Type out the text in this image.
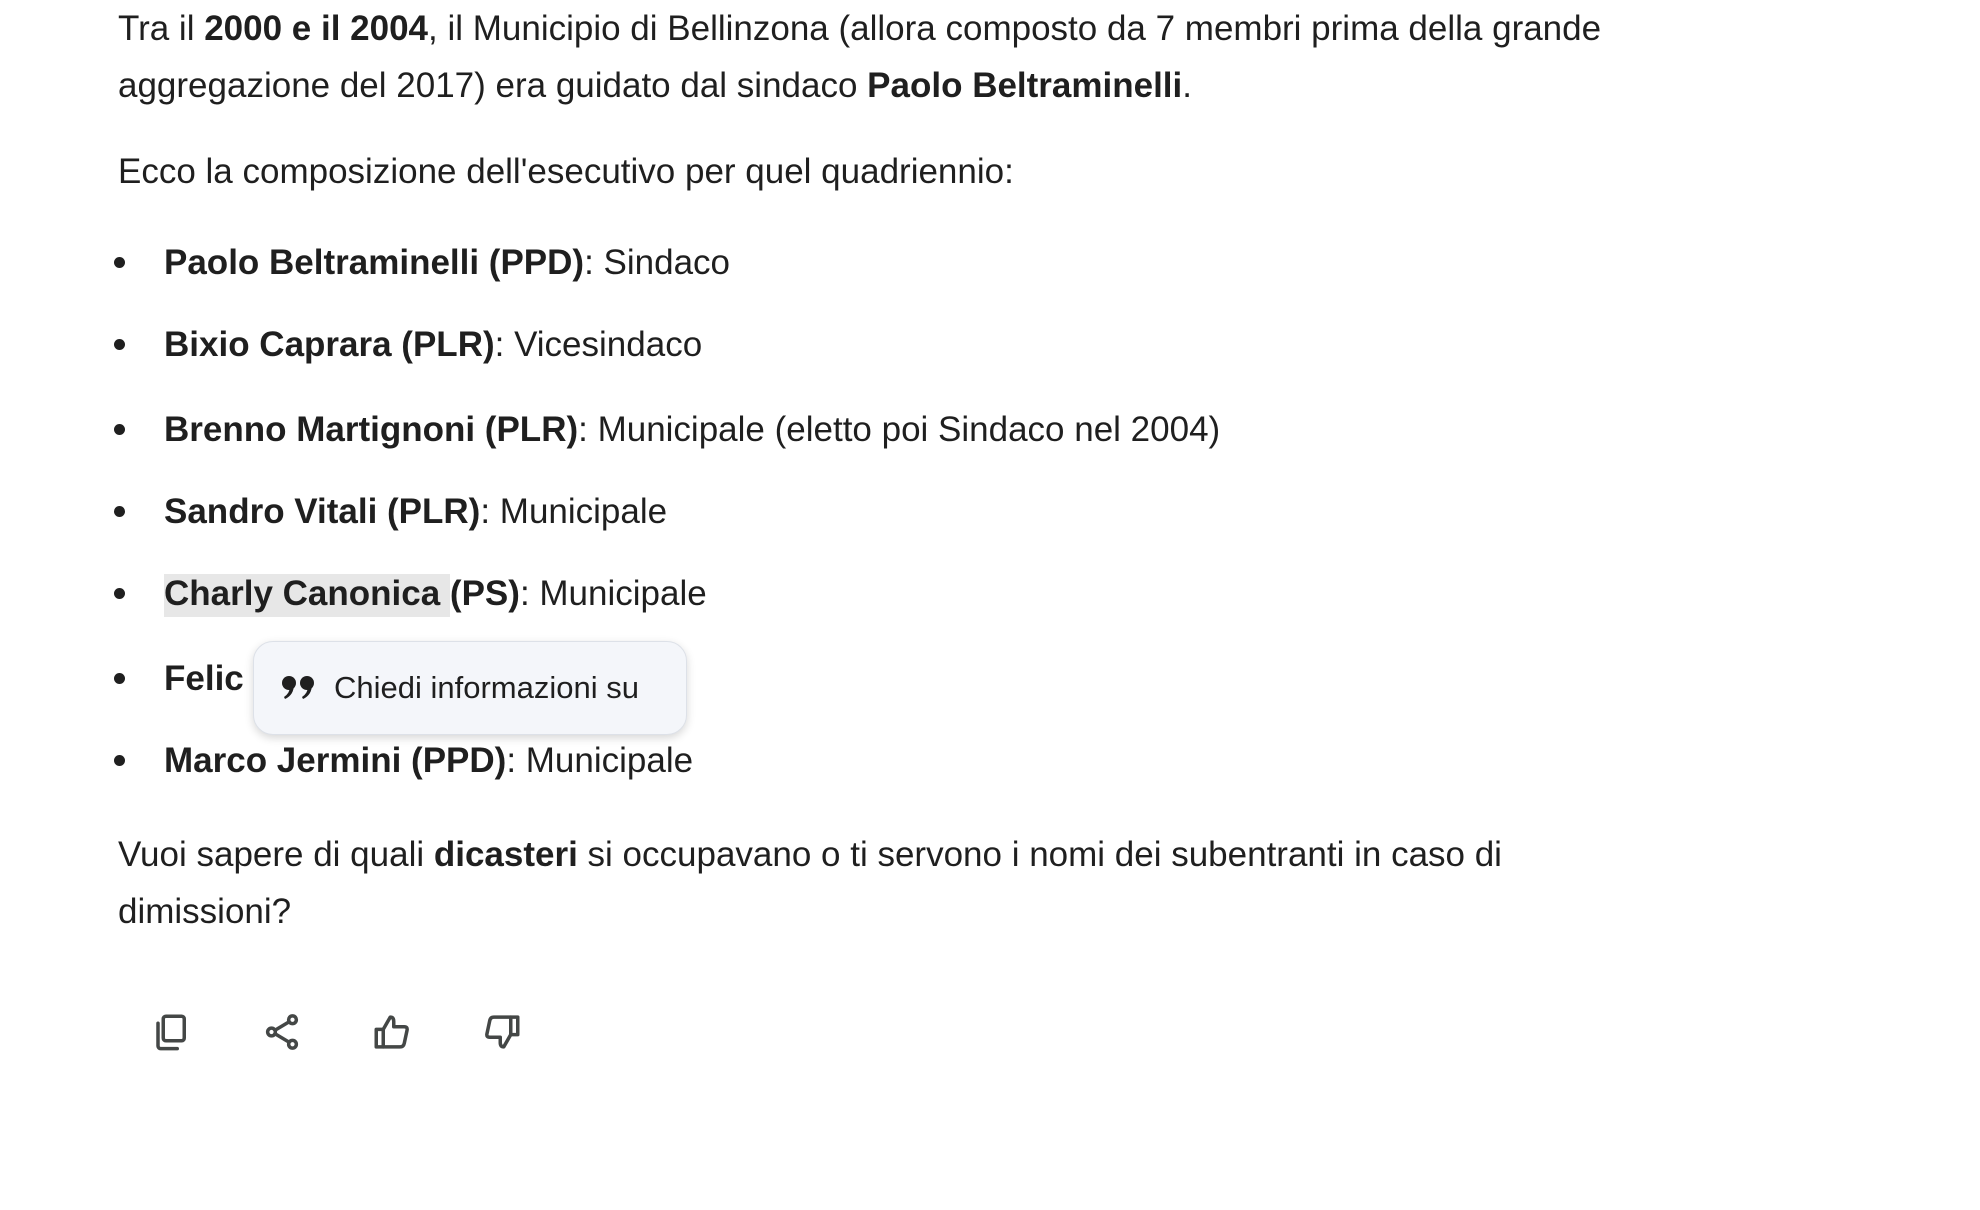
Tra il 2000 e il 2004, il Municipio di Bellinzona (allora composto da 7 membri prima della grande aggregazione del 2017) era guidato dal sindaco Paolo Beltraminelli.

Ecco la composizione dell'esecutivo per quel quadriennio:

Paolo Beltraminelli (PPD): Sindaco
Bixio Caprara (PLR): Vicesindaco
Brenno Martignoni (PLR): Municipale (eletto poi Sindaco nel 2004)
Sandro Vitali (PLR): Municipale
Charly Canonica (PS): Municipale
Felic
Marco Jermini (PPD): Municipale

Vuoi sapere di quali dicasteri si occupavano o ti servono i nomi dei subentranti in caso di dimissioni?

Chiedi informazioni su
